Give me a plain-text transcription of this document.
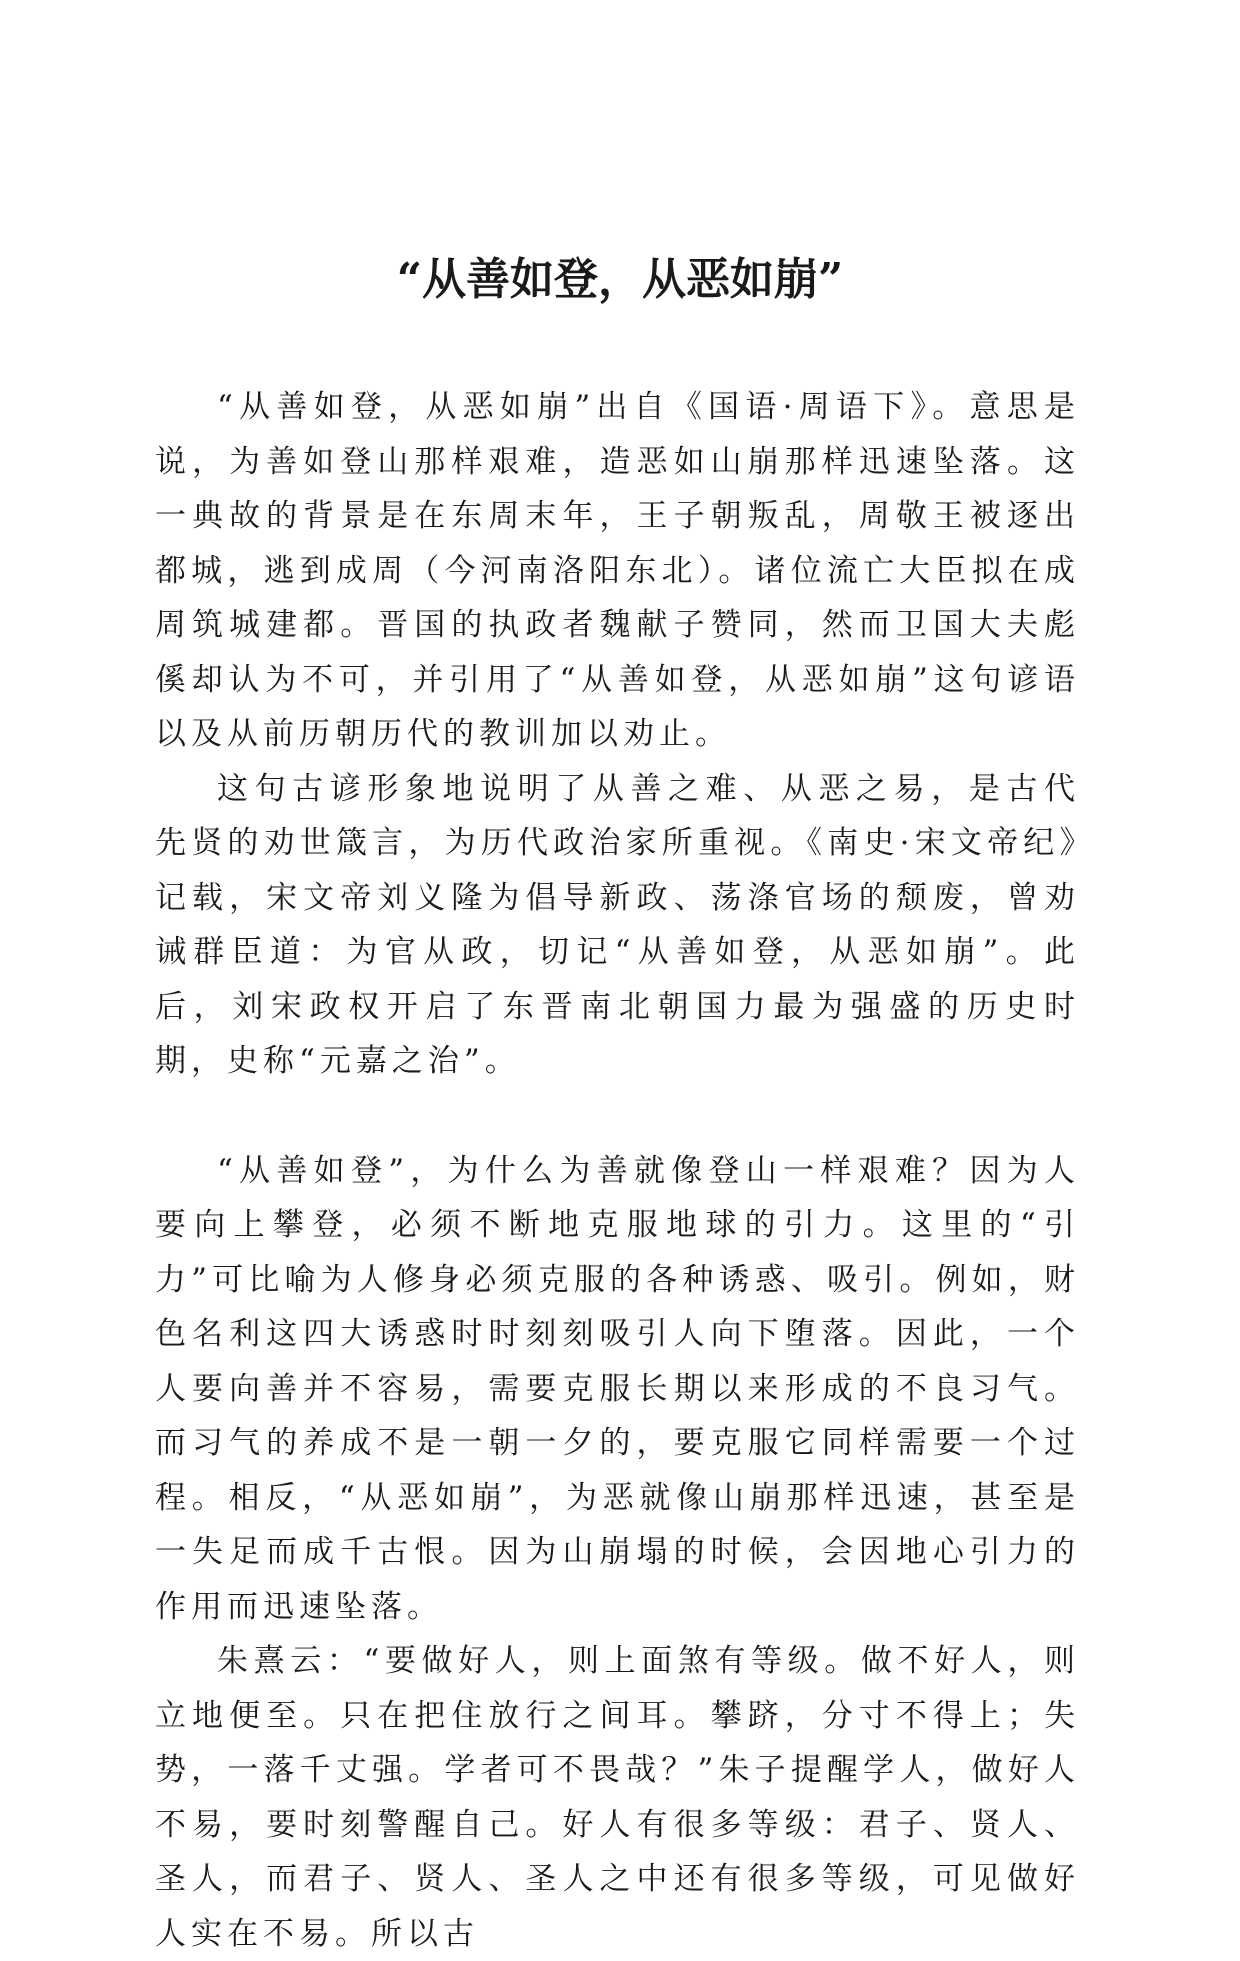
“从善如登，从恶如崩”

“从善如登，从恶如崩”出自《国语·周语下》。意思是说，为善如登山那样艰难，造恶如山崩那样迅速坠落。这一典故的背景是在东周末年，王子朝叛乱，周敬王被逐出都城，逃到成周（今河南洛阳东北）。诸位流亡大臣拟在成周筑城建都。晋国的执政者魏献子赞同，然而卫国大夫彪傒却认为不可，并引用了“从善如登，从恶如崩”这句谚语以及从前历朝历代的教训加以劝止。

这句古谚形象地说明了从善之难、从恶之易，是古代先贤的劝世箴言，为历代政治家所重视。《南史·宋文帝纪》记载，宋文帝刘义隆为倡导新政、荡涤官场的颓废，曾劝诫群臣道：为官从政，切记“从善如登，从恶如崩”。此后，刘宋政权开启了东晋南北朝国力最为强盛的历史时期，史称“元嘉之治”。

“从善如登”，为什么为善就像登山一样艰难？因为人要向上攀登，必须不断地克服地球的引力。这里的“引力”可比喻为人修身必须克服的各种诱惑、吸引。例如，财色名利这四大诱惑时时刻刻吸引人向下堕落。因此，一个人要向善并不容易，需要克服长期以来形成的不良习气。而习气的养成不是一朝一夕的，要克服它同样需要一个过程。相反，“从恶如崩”，为恶就像山崩那样迅速，甚至是一失足而成千古恨。因为山崩塌的时候，会因地心引力的作用而迅速坠落。

朱熹云：“要做好人，则上面煞有等级。做不好人，则立地便至。只在把住放行之间耳。攀跻，分寸不得上；失势，一落千丈强。学者可不畏哉？”朱子提醒学人，做好人不易，要时刻警醒自己。好人有很多等级：君子、贤人、圣人，而君子、贤人、圣人之中还有很多等级，可见做好人实在不易。所以古
